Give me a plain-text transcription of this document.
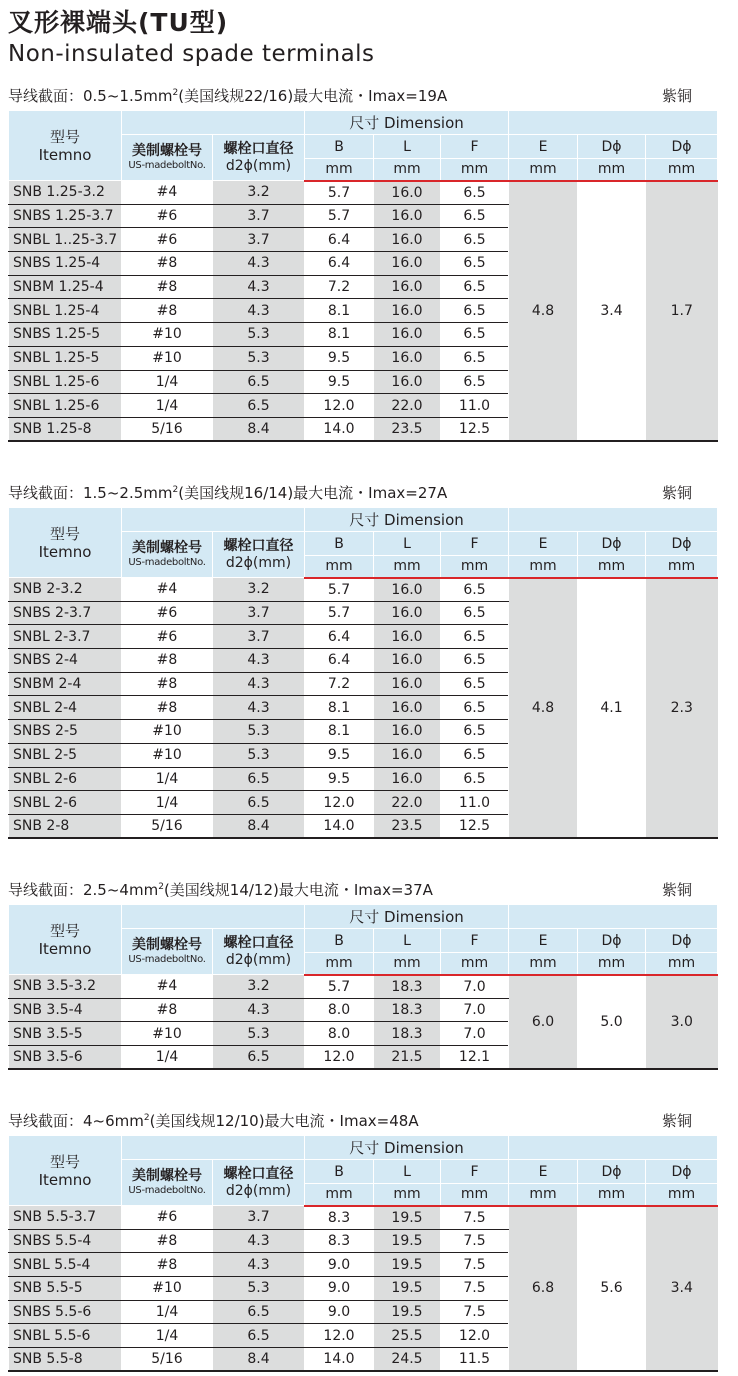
叉形裸端头(TU型)
Non-insulated spade terminals
导线截面：$0.5\sim 1.5mm^2$(美国线规22/16)最大电流・Imax=19A	紫铜
型号
Itemno			尺寸 Dimension					
	美制螺栓号
US-madeboltNo.	螺栓口直径
d2ϕ(mm)	B	L	F	E	Dϕ	Dϕ
			mm	mm	mm	mm	mm	mm
SNB 1.25-3.2	#4	3.2	5.7	16.0	6.5	4.8	3.4	1.7
SNBS 1.25-3.7	#6	3.7	5.7	16.0	6.5			
SNBL 1..25-3.7	#6	3.7	6.4	16.0	6.5			
SNBS 1.25-4	#8	4.3	6.4	16.0	6.5			
SNBM 1.25-4	#8	4.3	7.2	16.0	6.5			
SNBL 1.25-4	#8	4.3	8.1	16.0	6.5			
SNBS 1.25-5	#10	5.3	8.1	16.0	6.5			
SNBL 1.25-5	#10	5.3	9.5	16.0	6.5			
SNBL 1.25-6	1/4	6.5	9.5	16.0	6.5			
SNBL 1.25-6	1/4	6.5	12.0	22.0	11.0			
SNB 1.25-8	5/16	8.4	14.0	23.5	12.5			
导线截面：$1.5\sim 2.5mm^2$(美国线规16/14)最大电流・Imax=27A	紫铜
型号
Itemno			尺寸 Dimension					
	美制螺栓号
US-madeboltNo.	螺栓口直径
d2ϕ(mm)	B	L	F	E	Dϕ	Dϕ
			mm	mm	mm	mm	mm	mm
SNB 2-3.2	#4	3.2	5.7	16.0	6.5	4.8	4.1	2.3
SNBS 2-3.7	#6	3.7	5.7	16.0	6.5			
SNBL 2-3.7	#6	3.7	6.4	16.0	6.5			
SNBS 2-4	#8	4.3	6.4	16.0	6.5			
SNBM 2-4	#8	4.3	7.2	16.0	6.5			
SNBL 2-4	#8	4.3	8.1	16.0	6.5			
SNBS 2-5	#10	5.3	8.1	16.0	6.5			
SNBL 2-5	#10	5.3	9.5	16.0	6.5			
SNBL 2-6	1/4	6.5	9.5	16.0	6.5			
SNBL 2-6	1/4	6.5	12.0	22.0	11.0			
SNB 2-8	5/16	8.4	14.0	23.5	12.5			
导线截面：$2.5\sim 4mm^2$(美国线规14/12)最大电流・Imax=37A	紫铜
型号
Itemno			尺寸 Dimension					
	美制螺栓号
US-madeboltNo.	螺栓口直径
d2ϕ(mm)	B	L	F	E	Dϕ	Dϕ
			mm	mm	mm	mm	mm	mm
SNB 3.5-3.2	#4	3.2	5.7	18.3	7.0	6.0	5.0	3.0
SNB 3.5-4	#8	4.3	8.0	18.3	7.0			
SNB 3.5-5	#10	5.3	8.0	18.3	7.0			
SNB 3.5-6	1/4	6.5	12.0	21.5	12.1			
导线截面：$4\sim 6mm^2$(美国线规12/10)最大电流・Imax=48A	紫铜
型号
Itemno			尺寸 Dimension					
	美制螺栓号
US-madeboltNo.	螺栓口直径
d2ϕ(mm)	B	L	F	E	Dϕ	Dϕ
			mm	mm	mm	mm	mm	mm
SNB 5.5-3.7	#6	3.7	8.3	19.5	7.5	6.8	5.6	3.4
SNBS 5.5-4	#8	4.3	8.3	19.5	7.5			
SNBL 5.5-4	#8	4.3	9.0	19.5	7.5			
SNB 5.5-5	#10	5.3	9.0	19.5	7.5			
SNBS 5.5-6	1/4	6.5	9.0	19.5	7.5			
SNBL 5.5-6	1/4	6.5	12.0	25.5	12.0			
SNB 5.5-8	5/16	8.4	14.0	24.5	11.5			
